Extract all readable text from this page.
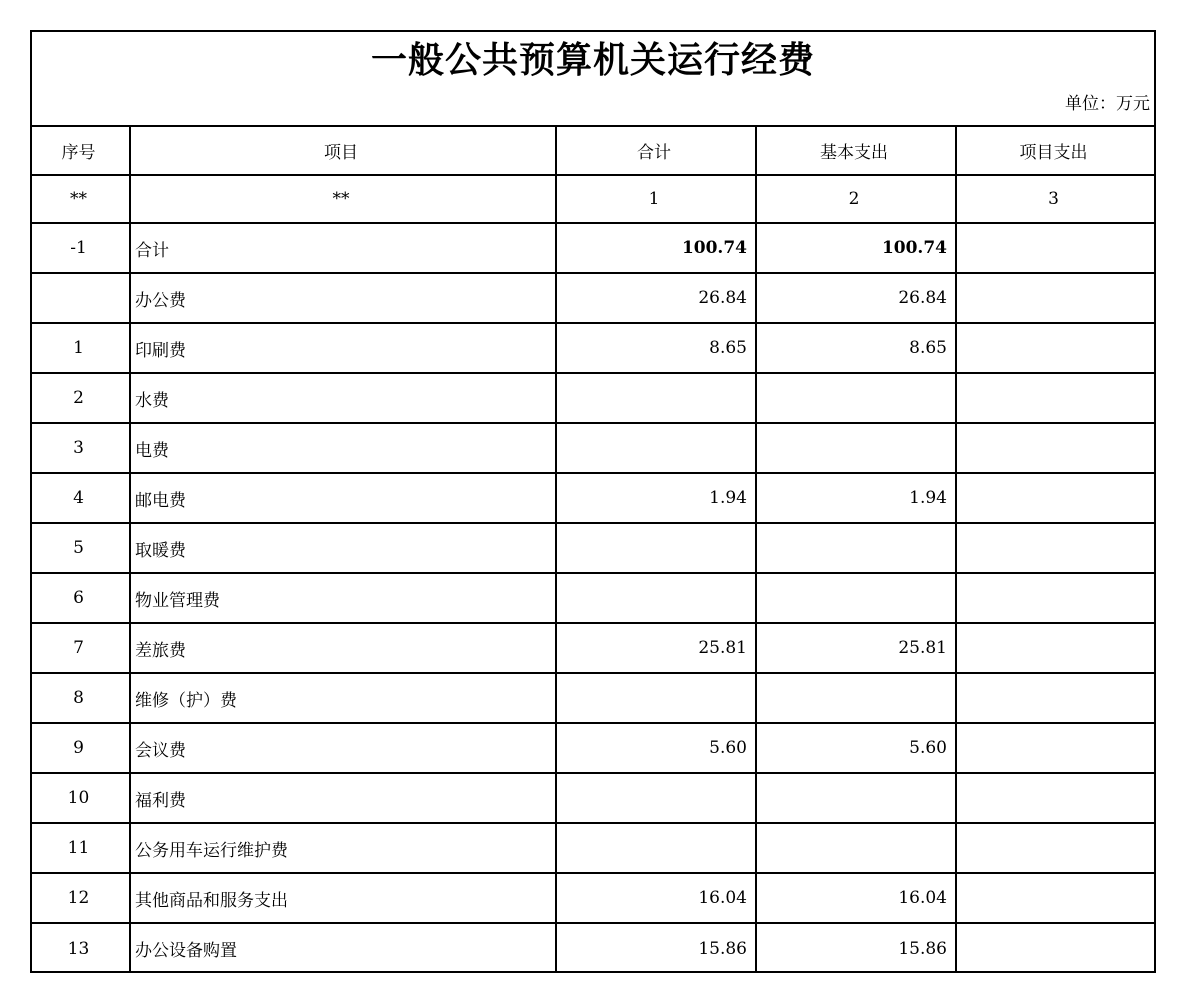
一般公共预算机关运行经费
单位：万元
序号	项目	合计	基本支出	项目支出
**	**	1	2	3
-1	合计	100.74	100.74	
	办公费	26.84	26.84	
1	印刷费	8.65	8.65	
2	水费			
3	电费			
4	邮电费	1.94	1.94	
5	取暖费			
6	物业管理费			
7	差旅费	25.81	25.81	
8	维修（护）费			
9	会议费	5.60	5.60	
10	福利费			
11	公务用车运行维护费			
12	其他商品和服务支出	16.04	16.04	
13	办公设备购置	15.86	15.86	
